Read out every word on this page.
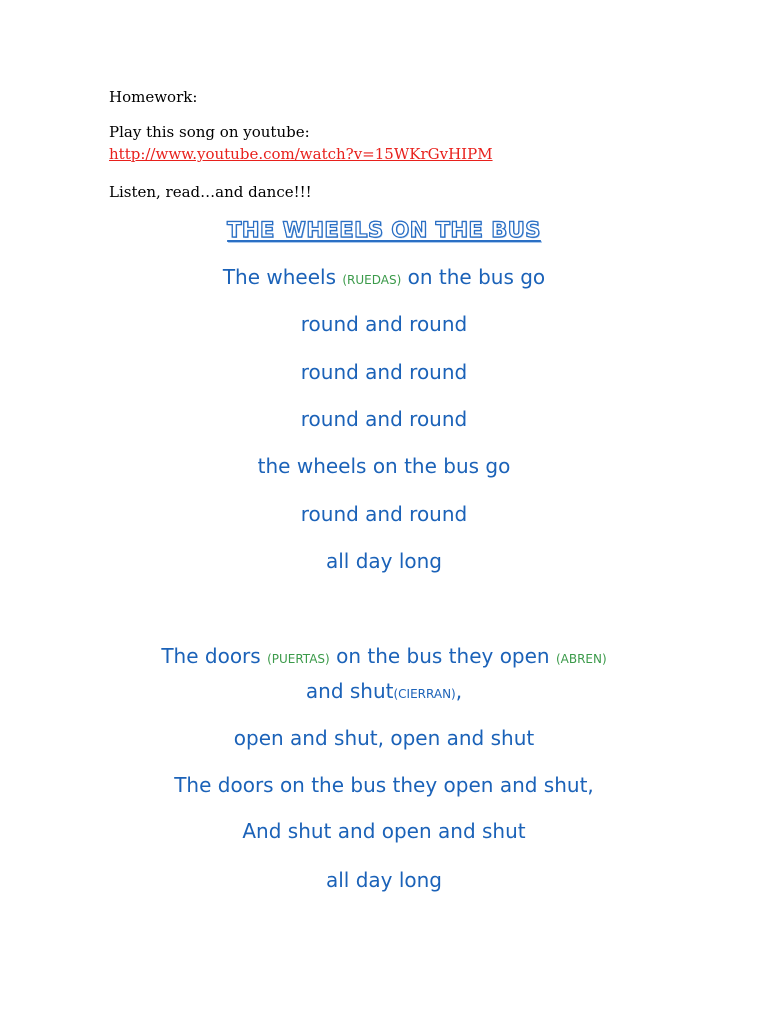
Homework:
Play this song on youtube:
http://www.youtube.com/watch?v=15WKrGvHIPM
Listen, read…and dance!!!
THE WHEELS ON THE BUS
The wheels (RUEDAS) on the bus go
round and round
round and round
round and round
the wheels on the bus go
round and round
all day long
The doors (PUERTAS) on the bus they open (ABREN)
and shut(CIERRAN),
open and shut, open and shut
The doors on the bus they open and shut,
And shut and open and shut
all day long
